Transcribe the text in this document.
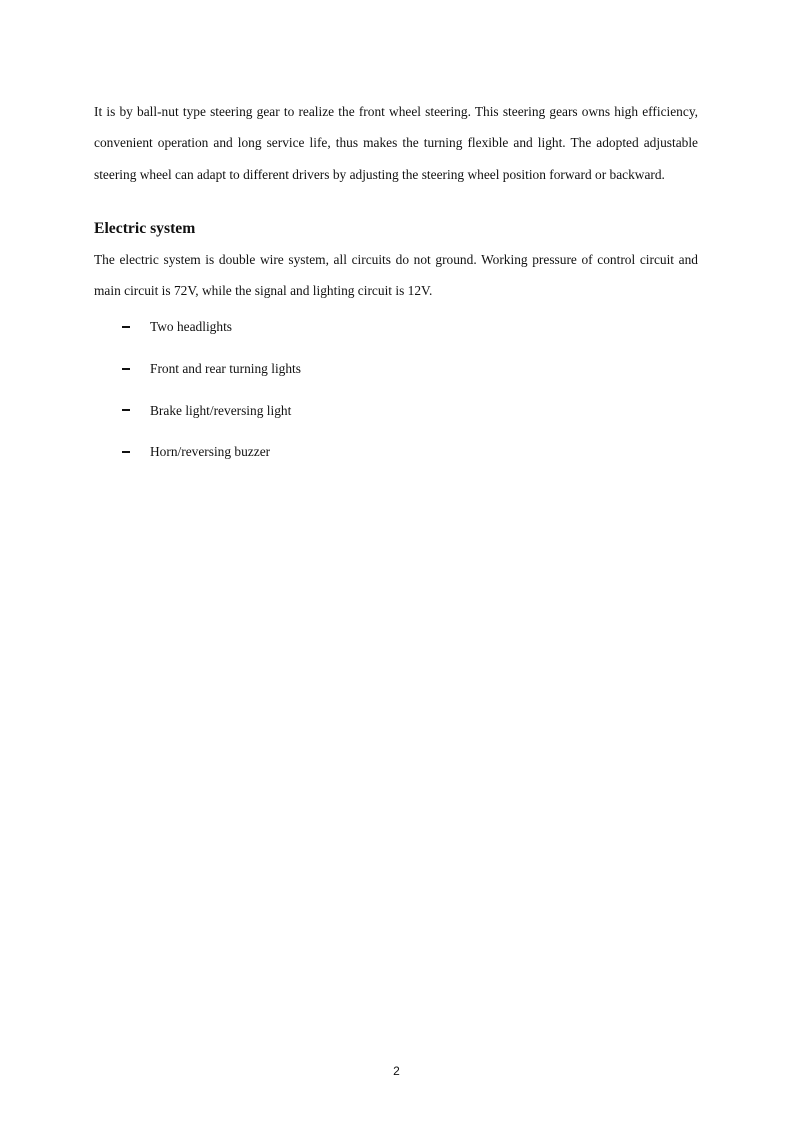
It is by ball-nut type steering gear to realize the front wheel steering. This steering gears owns high efficiency, convenient operation and long service life, thus makes the turning flexible and light. The adopted adjustable steering wheel can adapt to different drivers by adjusting the steering wheel position forward or backward.

Electric system

The electric system is double wire system, all circuits do not ground. Working pressure of control circuit and main circuit is 72V, while the signal and lighting circuit is 12V.

Two headlights
Front and rear turning lights
Brake light/reversing light
Horn/reversing buzzer
2
